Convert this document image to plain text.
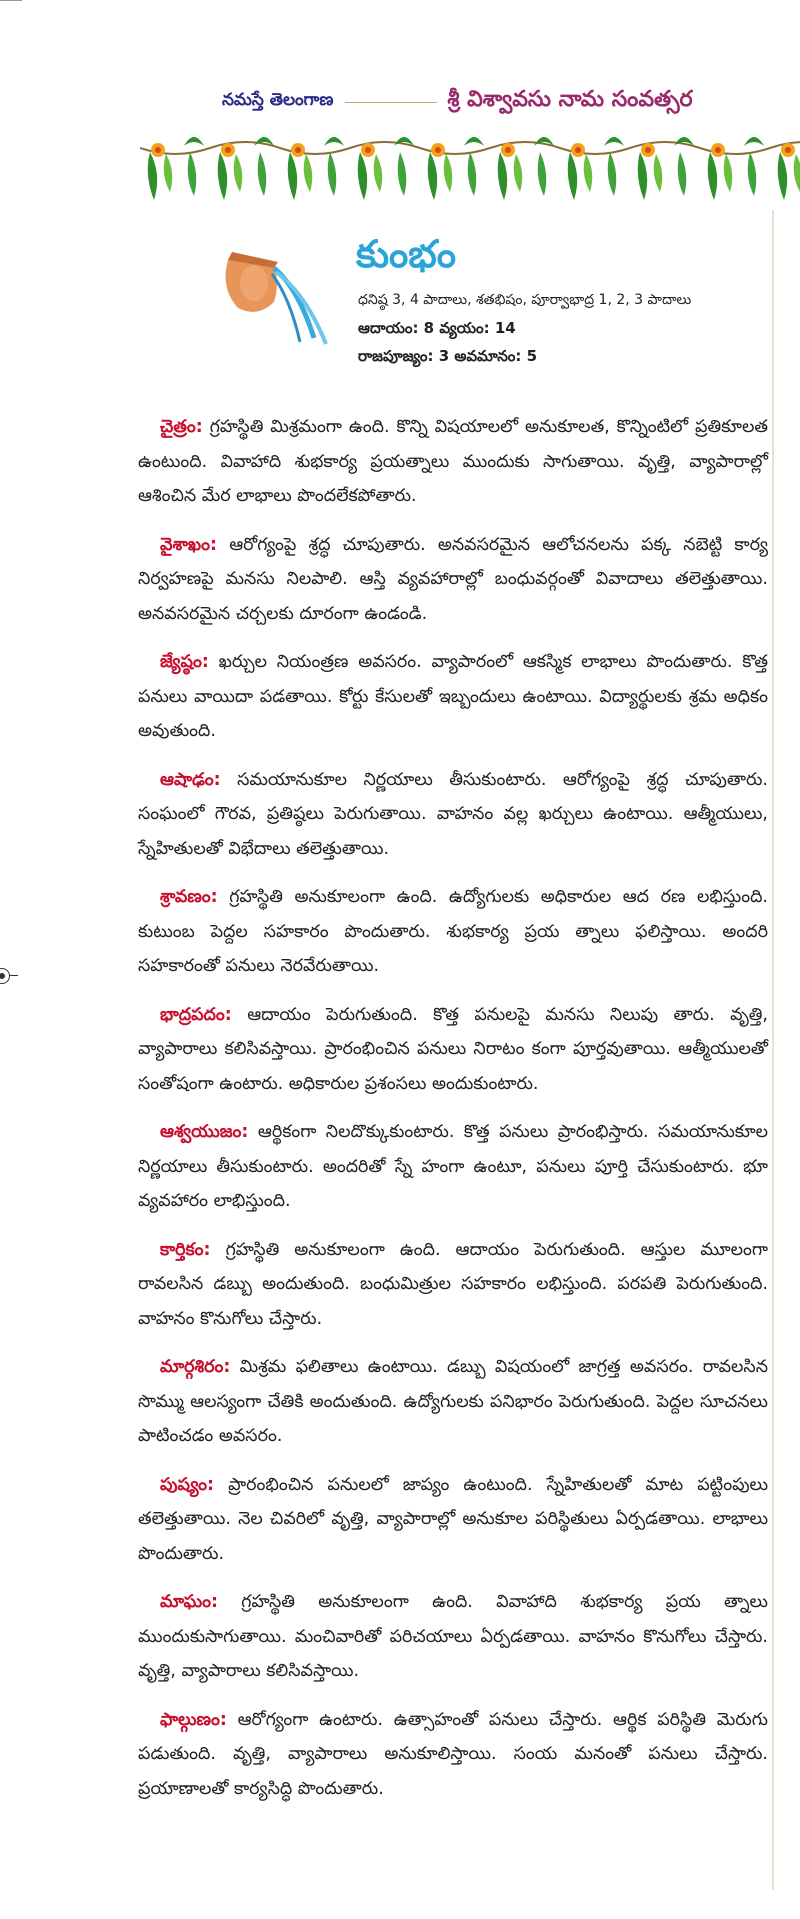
నమస్తే తెలంగాణ	శ్రీ విశ్వావసు నామ సంవత్సర
కుంభం
ధనిష్ఠ 3, 4 పాదాలు, శతభిషం, పూర్వాభాద్ర 1, 2, 3 పాదాలు
ఆదాయం: 8 వ్యయం: 14
రాజపూజ్యం: 3 అవమానం: 5

చైత్రం: గ్రహస్థితి మిశ్రమంగా ఉంది. కొన్ని విషయాలలో అనుకూలత, కొన్నింటిలో ప్రతికూలత ఉంటుంది. వివాహాది శుభకార్య ప్రయత్నాలు ముందుకు సాగుతాయి. వృత్తి, వ్యాపారాల్లో ఆశించిన మేర లాభాలు పొందలేకపోతారు.

వైశాఖం: ఆరోగ్యంపై శ్రద్ధ చూపుతారు. అనవసరమైన ఆలోచనలను పక్క నబెట్టి కార్య నిర్వహణపై మనసు నిలపాలి. ఆస్తి వ్యవహారాల్లో బంధువర్గంతో వివాదాలు తలెత్తుతాయి. అనవసరమైన చర్చలకు దూరంగా ఉండండి.

జ్యేష్ఠం: ఖర్చుల నియంత్రణ అవసరం. వ్యాపారంలో ఆకస్మిక లాభాలు పొందుతారు. కొత్త పనులు వాయిదా పడతాయి. కోర్టు కేసులతో ఇబ్బందులు ఉంటాయి. విద్యార్థులకు శ్రమ అధికం అవుతుంది.

ఆషాఢం: సమయానుకూల నిర్ణయాలు తీసుకుంటారు. ఆరోగ్యంపై శ్రద్ధ చూపుతారు. సంఘంలో గౌరవ, ప్రతిష్ఠలు పెరుగుతాయి. వాహనం వల్ల ఖర్చులు ఉంటాయి. ఆత్మీయులు, స్నేహితులతో విభేదాలు తలెత్తుతాయి.

శ్రావణం: గ్రహస్థితి అనుకూలంగా ఉంది. ఉద్యోగులకు అధికారుల ఆద రణ లభిస్తుంది. కుటుంబ పెద్దల సహకారం పొందుతారు. శుభకార్య ప్రయ త్నాలు ఫలిస్తాయి. అందరి సహకారంతో పనులు నెరవేరుతాయి.

భాద్రపదం: ఆదాయం పెరుగుతుంది. కొత్త పనులపై మనసు నిలుపు తారు. వృత్తి, వ్యాపారాలు కలిసివస్తాయి. ప్రారంభించిన పనులు నిరాటం కంగా పూర్తవుతాయి. ఆత్మీయులతో సంతోషంగా ఉంటారు. అధికారుల ప్రశంసలు అందుకుంటారు.

ఆశ్వయుజం: ఆర్థికంగా నిలదొక్కుకుంటారు. కొత్త పనులు ప్రారంభిస్తారు. సమయానుకూల నిర్ణయాలు తీసుకుంటారు. అందరితో స్నే హంగా ఉంటూ, పనులు పూర్తి చేసుకుంటారు. భూ వ్యవహారం లాభిస్తుంది.

కార్తికం: గ్రహస్థితి అనుకూలంగా ఉంది. ఆదాయం పెరుగుతుంది. ఆస్తుల మూలంగా రావలసిన డబ్బు అందుతుంది. బంధుమిత్రుల సహకారం లభిస్తుంది. పరపతి పెరుగుతుంది. వాహనం కొనుగోలు చేస్తారు.

మార్గశిరం: మిశ్రమ ఫలితాలు ఉంటాయి. డబ్బు విషయంలో జాగ్రత్త అవసరం. రావలసిన సొమ్ము ఆలస్యంగా చేతికి అందుతుంది. ఉద్యోగులకు పనిభారం పెరుగుతుంది. పెద్దల సూచనలు పాటించడం అవసరం.

పుష్యం: ప్రారంభించిన పనులలో జాప్యం ఉంటుంది. స్నేహితులతో మాట పట్టింపులు తలెత్తుతాయి. నెల చివరిలో వృత్తి, వ్యాపారాల్లో అనుకూల పరిస్థితులు ఏర్పడతాయి. లాభాలు పొందుతారు.

మాఘం: గ్రహస్థితి అనుకూలంగా ఉంది. వివాహాది శుభకార్య ప్రయ త్నాలు ముందుకుసాగుతాయి. మంచివారితో పరిచయాలు ఏర్పడతాయి. వాహనం కొనుగోలు చేస్తారు. వృత్తి, వ్యాపారాలు కలిసివస్తాయి.

ఫాల్గుణం: ఆరోగ్యంగా ఉంటారు. ఉత్సాహంతో పనులు చేస్తారు. ఆర్థిక పరిస్థితి మెరుగు పడుతుంది. వృత్తి, వ్యాపారాలు అనుకూలిస్తాయి. సంయ మనంతో పనులు చేస్తారు. ప్రయాణాలతో కార్యసిద్ధి పొందుతారు.
